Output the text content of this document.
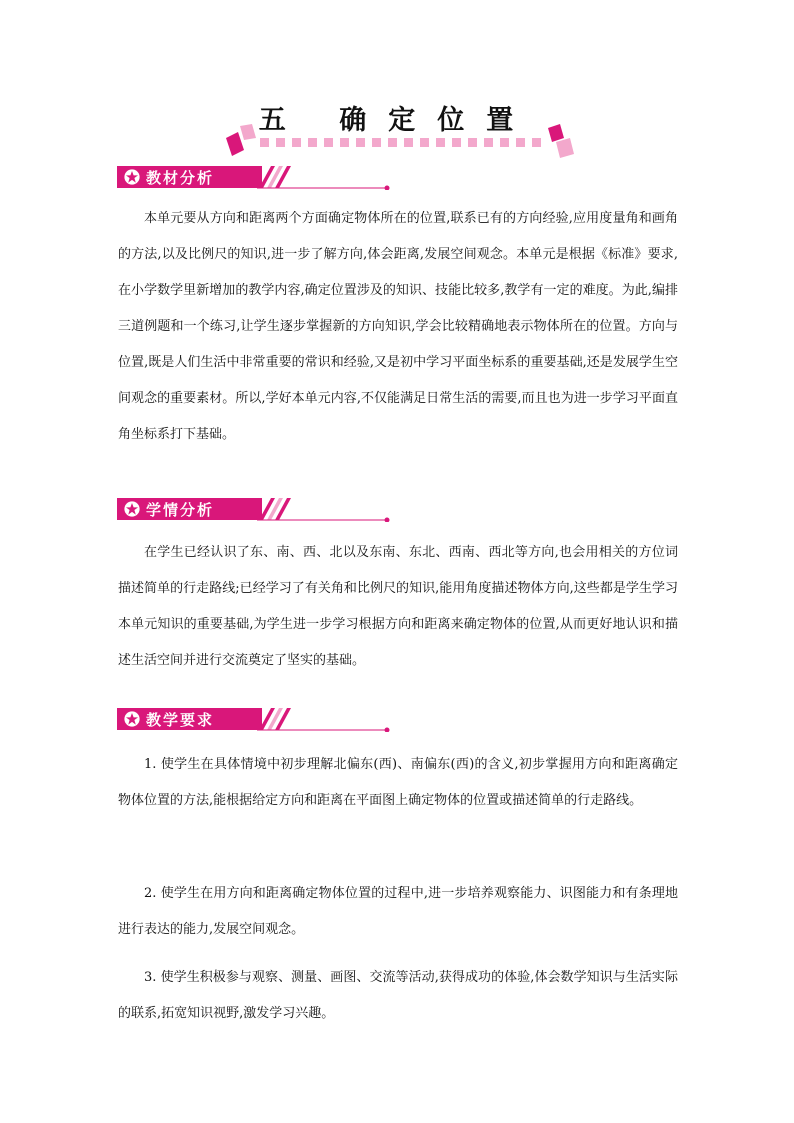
五 确定位置
教材分析

本单元要从方向和距离两个方面确定物体所在的位置,联系已有的方向经验,应用度量角和画角的方法,以及比例尺的知识,进一步了解方向,体会距离,发展空间观念。本单元是根据《标准》要求,在小学数学里新增加的教学内容,确定位置涉及的知识、技能比较多,教学有一定的难度。为此,编排三道例题和一个练习,让学生逐步掌握新的方向知识,学会比较精确地表示物体所在的位置。方向与位置,既是人们生活中非常重要的常识和经验,又是初中学习平面坐标系的重要基础,还是发展学生空间观念的重要素材。所以,学好本单元内容,不仅能满足日常生活的需要,而且也为进一步学习平面直角坐标系打下基础。

学情分析

在学生已经认识了东、南、西、北以及东南、东北、西南、西北等方向,也会用相关的方位词描述简单的行走路线;已经学习了有关角和比例尺的知识,能用角度描述物体方向,这些都是学生学习本单元知识的重要基础,为学生进一步学习根据方向和距离来确定物体的位置,从而更好地认识和描述生活空间并进行交流奠定了坚实的基础。

教学要求

1. 使学生在具体情境中初步理解北偏东(西)、南偏东(西)的含义,初步掌握用方向和距离确定物体位置的方法,能根据给定方向和距离在平面图上确定物体的位置或描述简单的行走路线。

2. 使学生在用方向和距离确定物体位置的过程中,进一步培养观察能力、识图能力和有条理地进行表达的能力,发展空间观念。

3. 使学生积极参与观察、测量、画图、交流等活动,获得成功的体验,体会数学知识与生活实际的联系,拓宽知识视野,激发学习兴趣。
